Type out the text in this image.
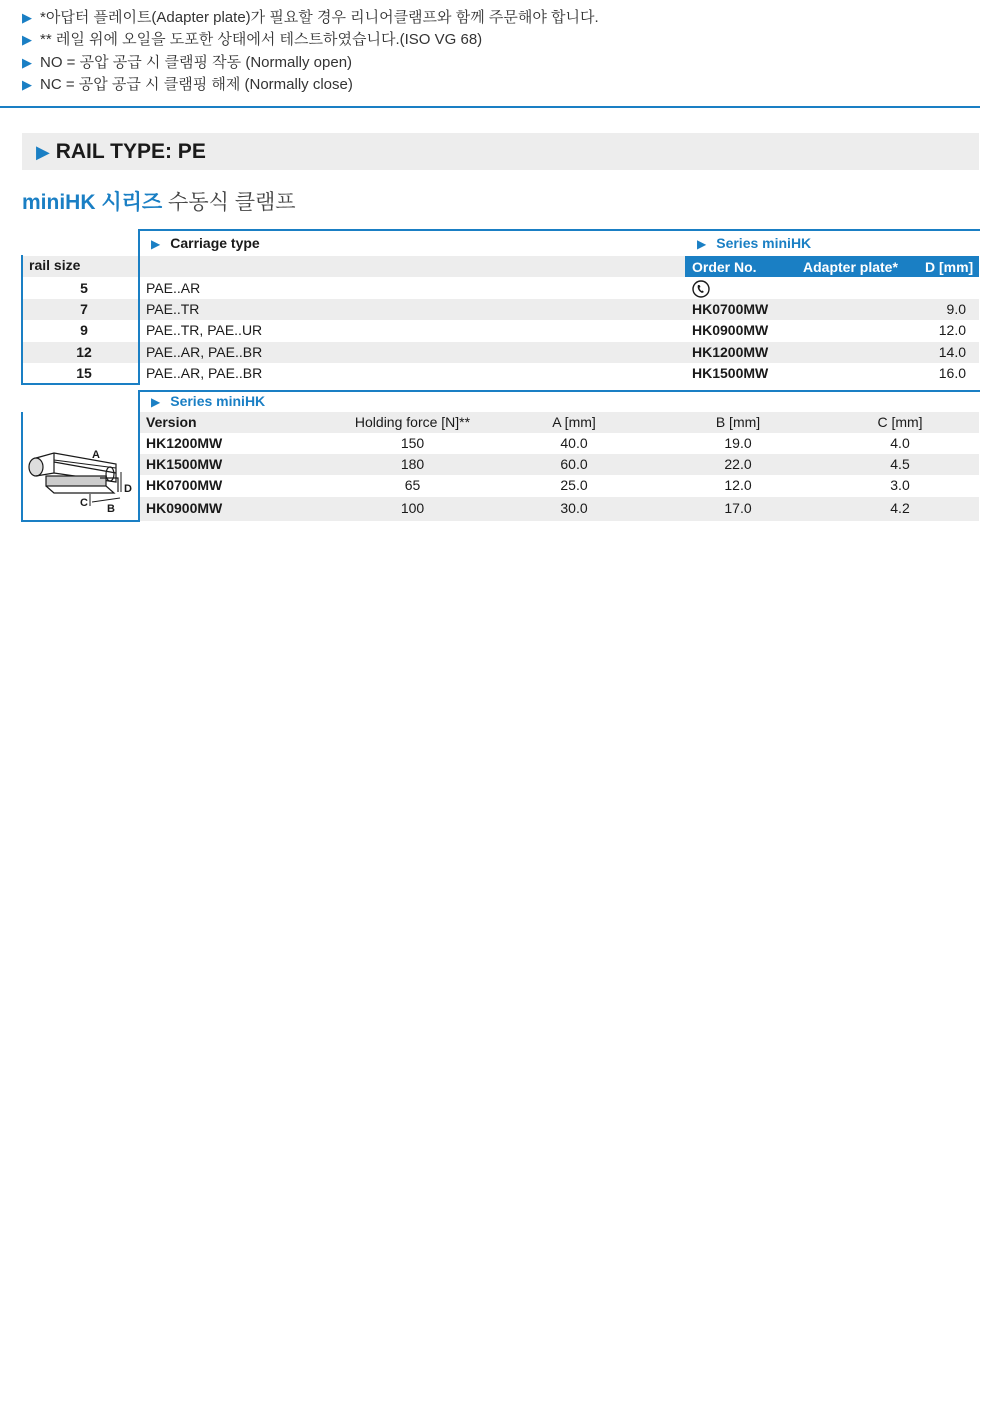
▶ *아답터 플레이트(Adapter plate)가 필요할 경우 리니어클램프와 함께 주문해야 합니다.
▶ ** 레일 위에 오일을 도포한 상태에서 테스트하였습니다.(ISO VG 68)
▶ NO = 공압 공급 시 클램핑 작동 (Normally open)
▶ NC = 공압 공급 시 클램핑 해제 (Normally close)
▶ RAIL TYPE: PE
miniHK 시리즈 수동식 클램프
▶ Carriage type	▶ Series miniHK
rail size	Order No.	Adapter plate* D [mm]
5	PAE..AR
7	PAE..TR	HK0700MW	9.0
9	PAE..TR, PAE..UR	HK0900MW	12.0
12	PAE..AR, PAE..BR	HK1200MW	14.0
15	PAE..AR, PAE..BR	HK1500MW	16.0
▶ Series miniHK
Version	Holding force [N]**	A [mm]	B [mm]	C [mm]
HK1200MW	150	40.0	19.0	4.0
HK1500MW	180	60.0	22.0	4.5
HK0700MW	65	25.0	12.0	3.0
HK0900MW	100	30.0	17.0	4.2
A
D
C B
